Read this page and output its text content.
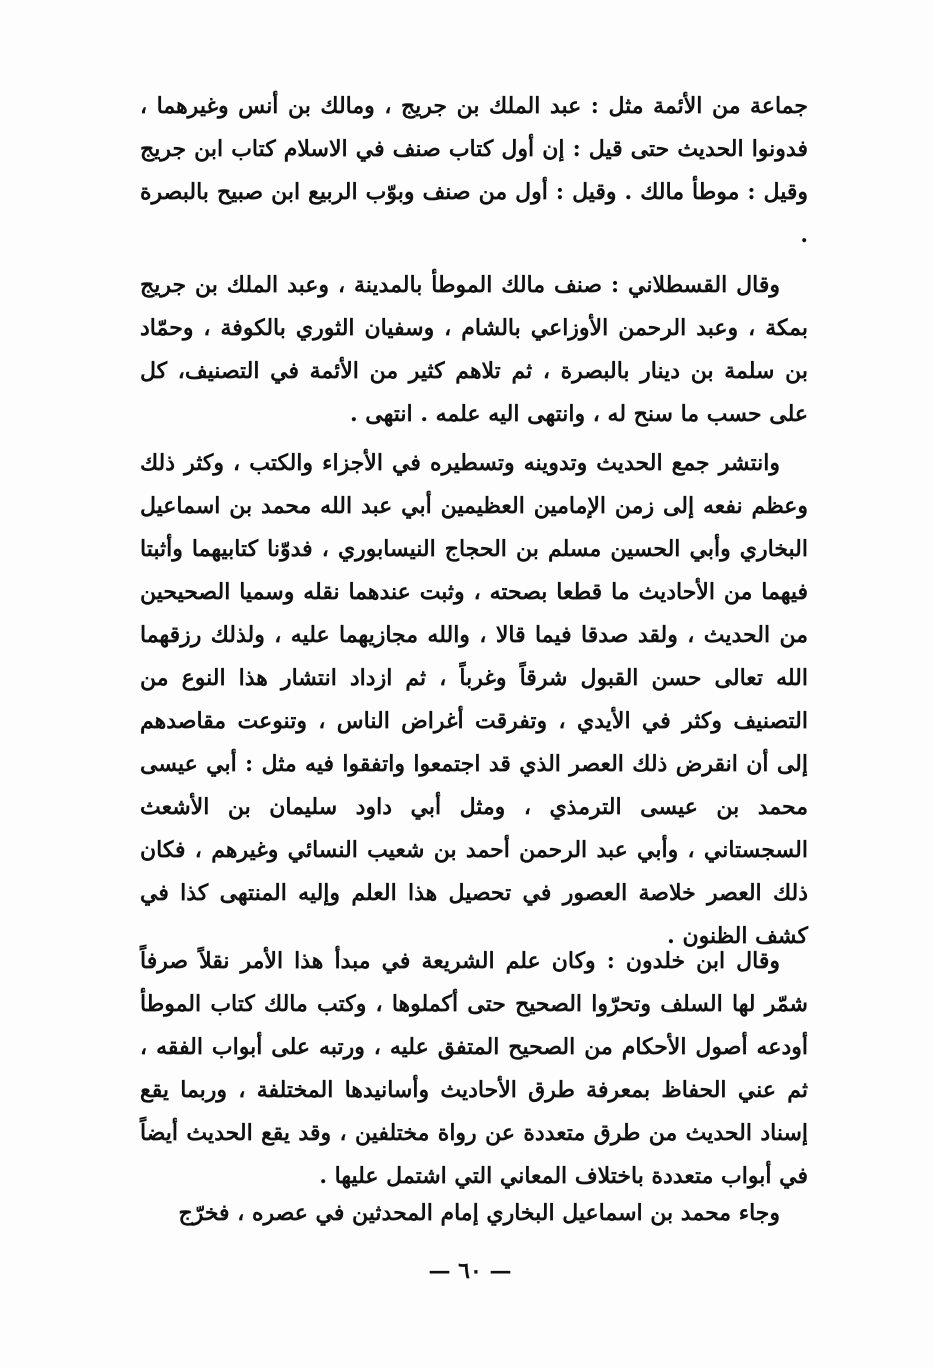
جماعة من الأئمة مثل : عبد الملك بن جريج ، ومالك بن أنس وغيرهما ، فدونوا الحديث حتى قيل : إن أول كتاب صنف في الاسلام كتاب ابن جريج وقيل : موطأ مالك . وقيل : أول من صنف وبوّب الربيع ابن صبيح بالبصرة .

وقال القسطلاني : صنف مالك الموطأ بالمدينة ، وعبد الملك بن جريج بمكة ، وعبد الرحمن الأوزاعي بالشام ، وسفيان الثوري بالكوفة ، وحمّاد بن سلمة بن دينار بالبصرة ، ثم تلاهم كثير من الأئمة في التصنيف، كل على حسب ما سنح له ، وانتهى اليه علمه . انتهى .

وانتشر جمع الحديث وتدوينه وتسطيره في الأجزاء والكتب ، وكثر ذلك وعظم نفعه إلى زمن الإمامين العظيمين أبي عبد الله محمد بن اسماعيل البخاري وأبي الحسين مسلم بن الحجاج النيسابوري ، فدوّنا كتابيهما وأثبتا فيهما من الأحاديث ما قطعا بصحته ، وثبت عندهما نقله وسميا الصحيحين من الحديث ، ولقد صدقا فيما قالا ، والله مجازيهما عليه ، ولذلك رزقهما الله تعالى حسن القبول شرقاً وغرباً ، ثم ازداد انتشار هذا النوع من التصنيف وكثر في الأيدي ، وتفرقت أغراض الناس ، وتنوعت مقاصدهم إلى أن انقرض ذلك العصر الذي قد اجتمعوا واتفقوا فيه مثل : أبي عيسى محمد بن عيسى الترمذي ، ومثل أبي داود سليمان بن الأشعث السجستاني ، وأبي عبد الرحمن أحمد بن شعيب النسائي وغيرهم ، فكان ذلك العصر خلاصة العصور في تحصيل هذا العلم وإليه المنتهى كذا في كشف الظنون .

وقال ابن خلدون : وكان علم الشريعة في مبدأ هذا الأمر نقلاً صرفاً شمّر لها السلف وتحرّوا الصحيح حتى أكملوها ، وكتب مالك كتاب الموطأ أودعه أصول الأحكام من الصحيح المتفق عليه ، ورتبه على أبواب الفقه ، ثم عني الحفاظ بمعرفة طرق الأحاديث وأسانيدها المختلفة ، وربما يقع إسناد الحديث من طرق متعددة عن رواة مختلفين ، وقد يقع الحديث أيضاً في أبواب متعددة باختلاف المعاني التي اشتمل عليها .

وجاء محمد بن اسماعيل البخاري إمام المحدثين في عصره ، فخرّج

— ٦٠ —
